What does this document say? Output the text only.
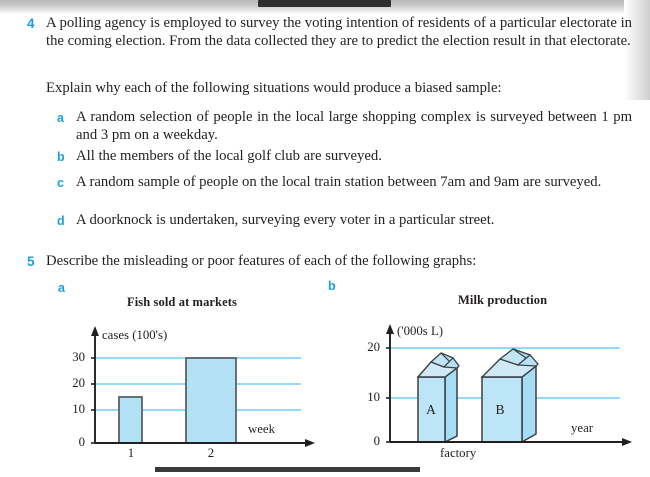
4 A polling agency is employed to survey the voting intention of residents of a particular electorate in the coming election. From the data collected they are to predict the election result in that electorate.
Explain why each of the following situations would produce a biased sample:
a A random selection of people in the local large shopping complex is surveyed between 1 pm and 3 pm on a weekday.
b All the members of the local golf club are surveyed.
c A random sample of people on the local train station between 7am and 9am are surveyed.
d A doorknock is undertaken, surveying every voter in a particular street.
5 Describe the misleading or poor features of each of the following graphs:
a	b
Fish sold at markets
cases (100's)
week
0
10
20
30
1	2
Milk production
A	B
('000s L)
year
factory
0
10
20
